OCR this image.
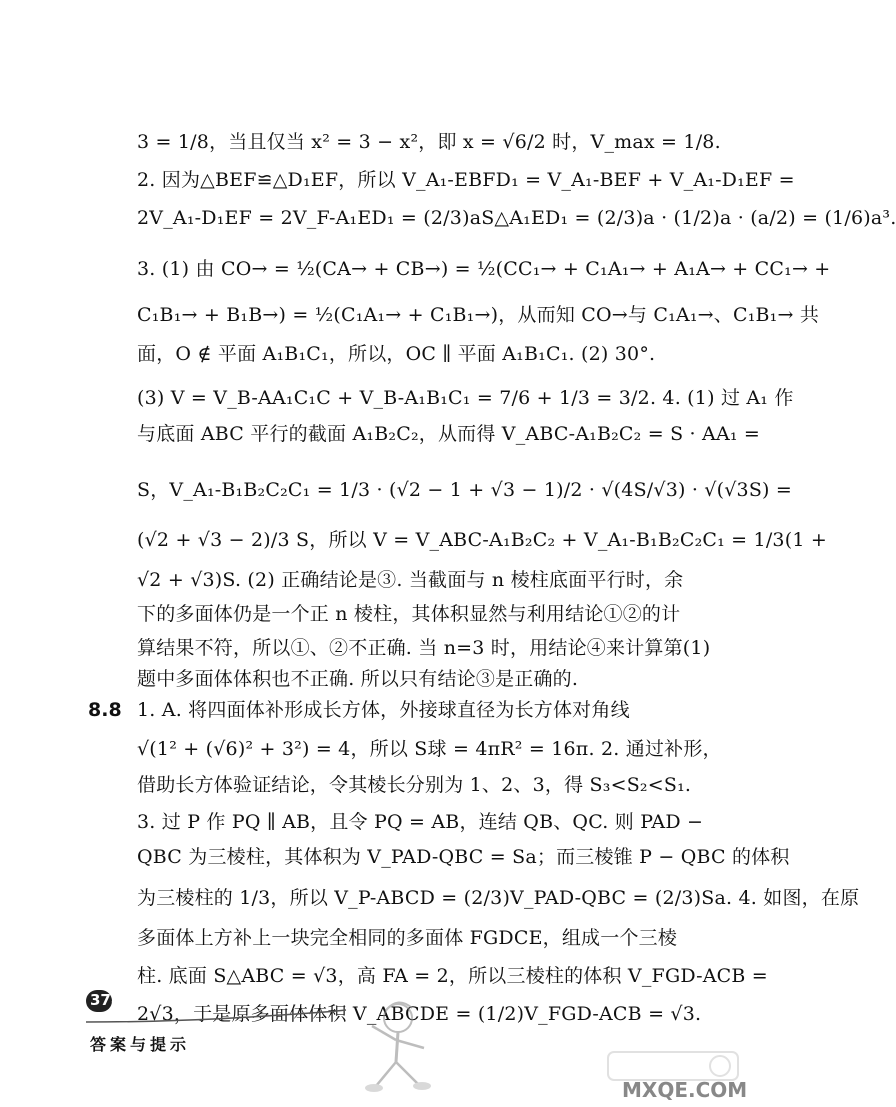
3 = 1/8，当且仅当 x² = 3 − x²，即 x = √6/2 时，V_max = 1/8.
2. 因为△BEF≌△D₁EF，所以 V_A₁-EBFD₁ = V_A₁-BEF + V_A₁-D₁EF =
2V_A₁-D₁EF = 2V_F-A₁ED₁ = (2/3)aS△A₁ED₁ = (2/3)a · (1/2)a · (a/2) = (1/6)a³.
3. (1) 由 CO→ = ½(CA→ + CB→) = ½(CC₁→ + C₁A₁→ + A₁A→ + CC₁→ +
C₁B₁→ + B₁B→) = ½(C₁A₁→ + C₁B₁→)，从而知 CO→与 C₁A₁→、C₁B₁→ 共
面，O ∉ 平面 A₁B₁C₁，所以，OC ∥ 平面 A₁B₁C₁. (2) 30°.
(3) V = V_B-AA₁C₁C + V_B-A₁B₁C₁ = 7/6 + 1/3 = 3/2. 4. (1) 过 A₁ 作
与底面 ABC 平行的截面 A₁B₂C₂，从而得 V_ABC-A₁B₂C₂ = S · AA₁ =
S，V_A₁-B₁B₂C₂C₁ = 1/3 · (√2 − 1 + √3 − 1)/2 · √(4S/√3) · √(√3S) =
(√2 + √3 − 2)/3 S，所以 V = V_ABC-A₁B₂C₂ + V_A₁-B₁B₂C₂C₁ = 1/3(1 +
√2 + √3)S. (2) 正确结论是③. 当截面与 n 棱柱底面平行时，余
下的多面体仍是一个正 n 棱柱，其体积显然与利用结论①②的计
算结果不符，所以①、②不正确. 当 n=3 时，用结论④来计算第(1)
题中多面体体积也不正确. 所以只有结论③是正确的.
8.8 1. A. 将四面体补形成长方体，外接球直径为长方体对角线
√(1² + (√6)² + 3²) = 4，所以 S球 = 4πR² = 16π. 2. 通过补形，
借助长方体验证结论，令其棱长分别为 1、2、3，得 S₃<S₂<S₁.
3. 过 P 作 PQ ∥ AB，且令 PQ = AB，连结 QB、QC. 则 PAD −
QBC 为三棱柱，其体积为 V_PAD-QBC = Sa；而三棱锥 P − QBC 的体积
为三棱柱的 1/3，所以 V_P-ABCD = (2/3)V_PAD-QBC = (2/3)Sa. 4. 如图，在原
多面体上方补上一块完全相同的多面体 FGDCE，组成一个三棱
柱. 底面 S△ABC = √3，高 FA = 2，所以三棱柱的体积 V_FGD-ACB =
2√3，于是原多面体体积 V_ABCDE = (1/2)V_FGD-ACB = √3.
378
答案与提示
MXQE.COM
